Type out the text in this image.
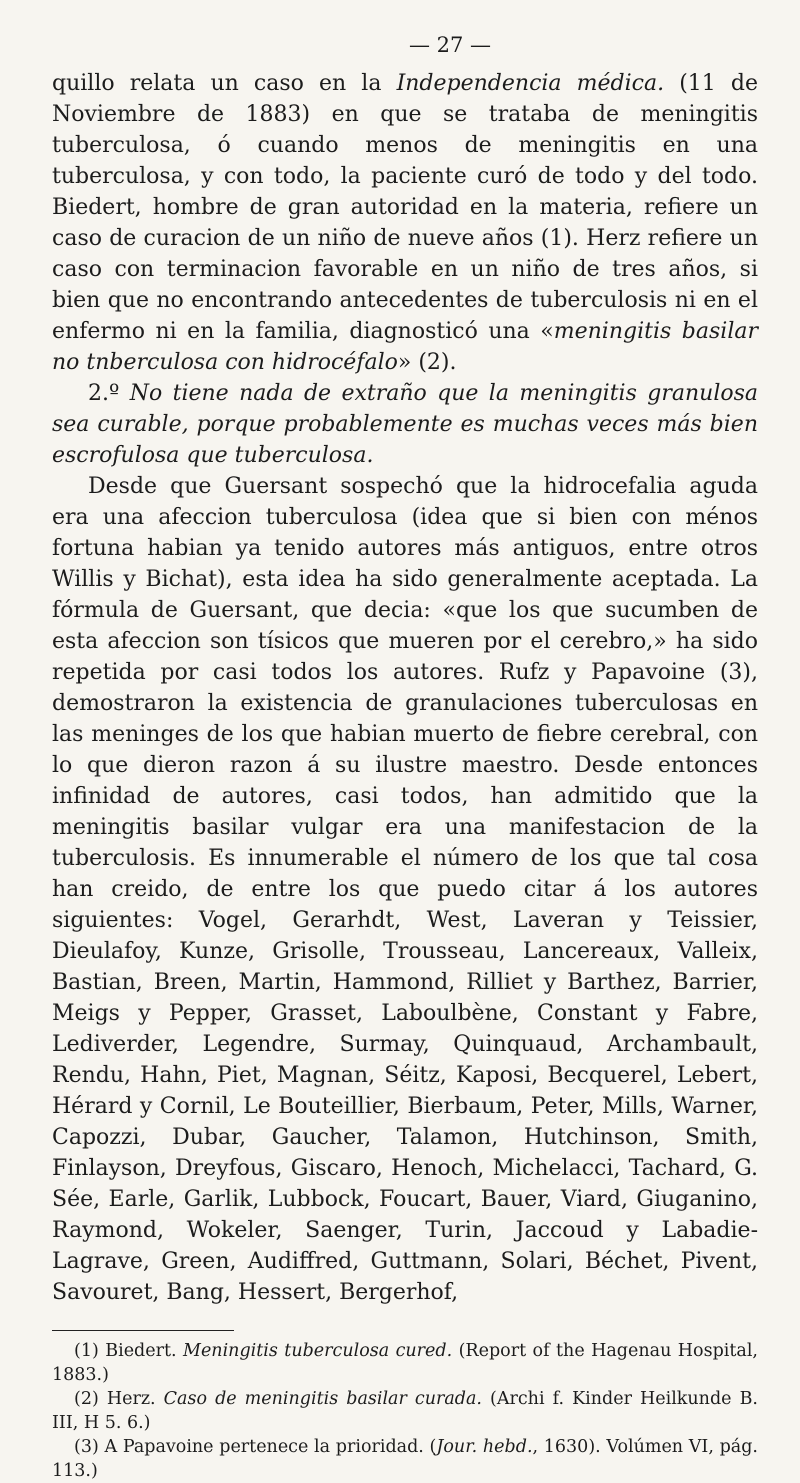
— 27 —

quillo relata un caso en la Independencia médica. (11 de Noviembre de 1883) en que se trataba de meningitis tuberculosa, ó cuando menos de meningitis en una tuberculosa, y con todo, la paciente curó de todo y del todo. Biedert, hombre de gran autoridad en la materia, refiere un caso de curacion de un niño de nueve años (1). Herz refiere un caso con terminacion favorable en un niño de tres años, si bien que no encontrando antecedentes de tuberculosis ni en el enfermo ni en la familia, diagnosticó una «meningitis basilar no tnberculosa con hidrocéfalo» (2).

2.º No tiene nada de extraño que la meningitis granulosa sea curable, porque probablemente es muchas veces más bien escrofulosa que tuberculosa.

Desde que Guersant sospechó que la hidrocefalia aguda era una afeccion tuberculosa (idea que si bien con ménos fortuna habian ya tenido autores más antiguos, entre otros Willis y Bichat), esta idea ha sido generalmente aceptada. La fórmula de Guersant, que decia: «que los que sucumben de esta afeccion son tísicos que mueren por el cerebro,» ha sido repetida por casi todos los autores. Rufz y Papavoine (3), demostraron la existencia de granulaciones tuberculosas en las meninges de los que habian muerto de fiebre cerebral, con lo que dieron razon á su ilustre maestro. Desde entonces infinidad de autores, casi todos, han admitido que la meningitis basilar vulgar era una manifestacion de la tuberculosis. Es innumerable el número de los que tal cosa han creido, de entre los que puedo citar á los autores siguientes: Vogel, Gerarhdt, West, Laveran y Teissier, Dieulafoy, Kunze, Grisolle, Trousseau, Lancereaux, Valleix, Bastian, Breen, Martin, Hammond, Rilliet y Barthez, Barrier, Meigs y Pepper, Grasset, Laboulbène, Constant y Fabre, Lediverder, Legendre, Surmay, Quinquaud, Archambault, Rendu, Hahn, Piet, Magnan, Séitz, Kaposi, Becquerel, Lebert, Hérard y Cornil, Le Bouteillier, Bierbaum, Peter, Mills, Warner, Capozzi, Dubar, Gaucher, Talamon, Hutchinson, Smith, Finlayson, Dreyfous, Giscaro, Henoch, Michelacci, Tachard, G. Sée, Earle, Garlik, Lubbock, Foucart, Bauer, Viard, Giuganino, Raymond, Wokeler, Saenger, Turin, Jaccoud y Labadie-Lagrave, Green, Audiffred, Guttmann, Solari, Béchet, Pivent, Savouret, Bang, Hessert, Bergerhof,

(1) Biedert. Meningitis tuberculosa cured. (Report of the Hagenau Hospital, 1883.)

(2) Herz. Caso de meningitis basilar curada. (Archi f. Kinder Heilkunde B. III, H 5. 6.)

(3) A Papavoine pertenece la prioridad. (Jour. hebd., 1630). Volúmen VI, pág. 113.)
